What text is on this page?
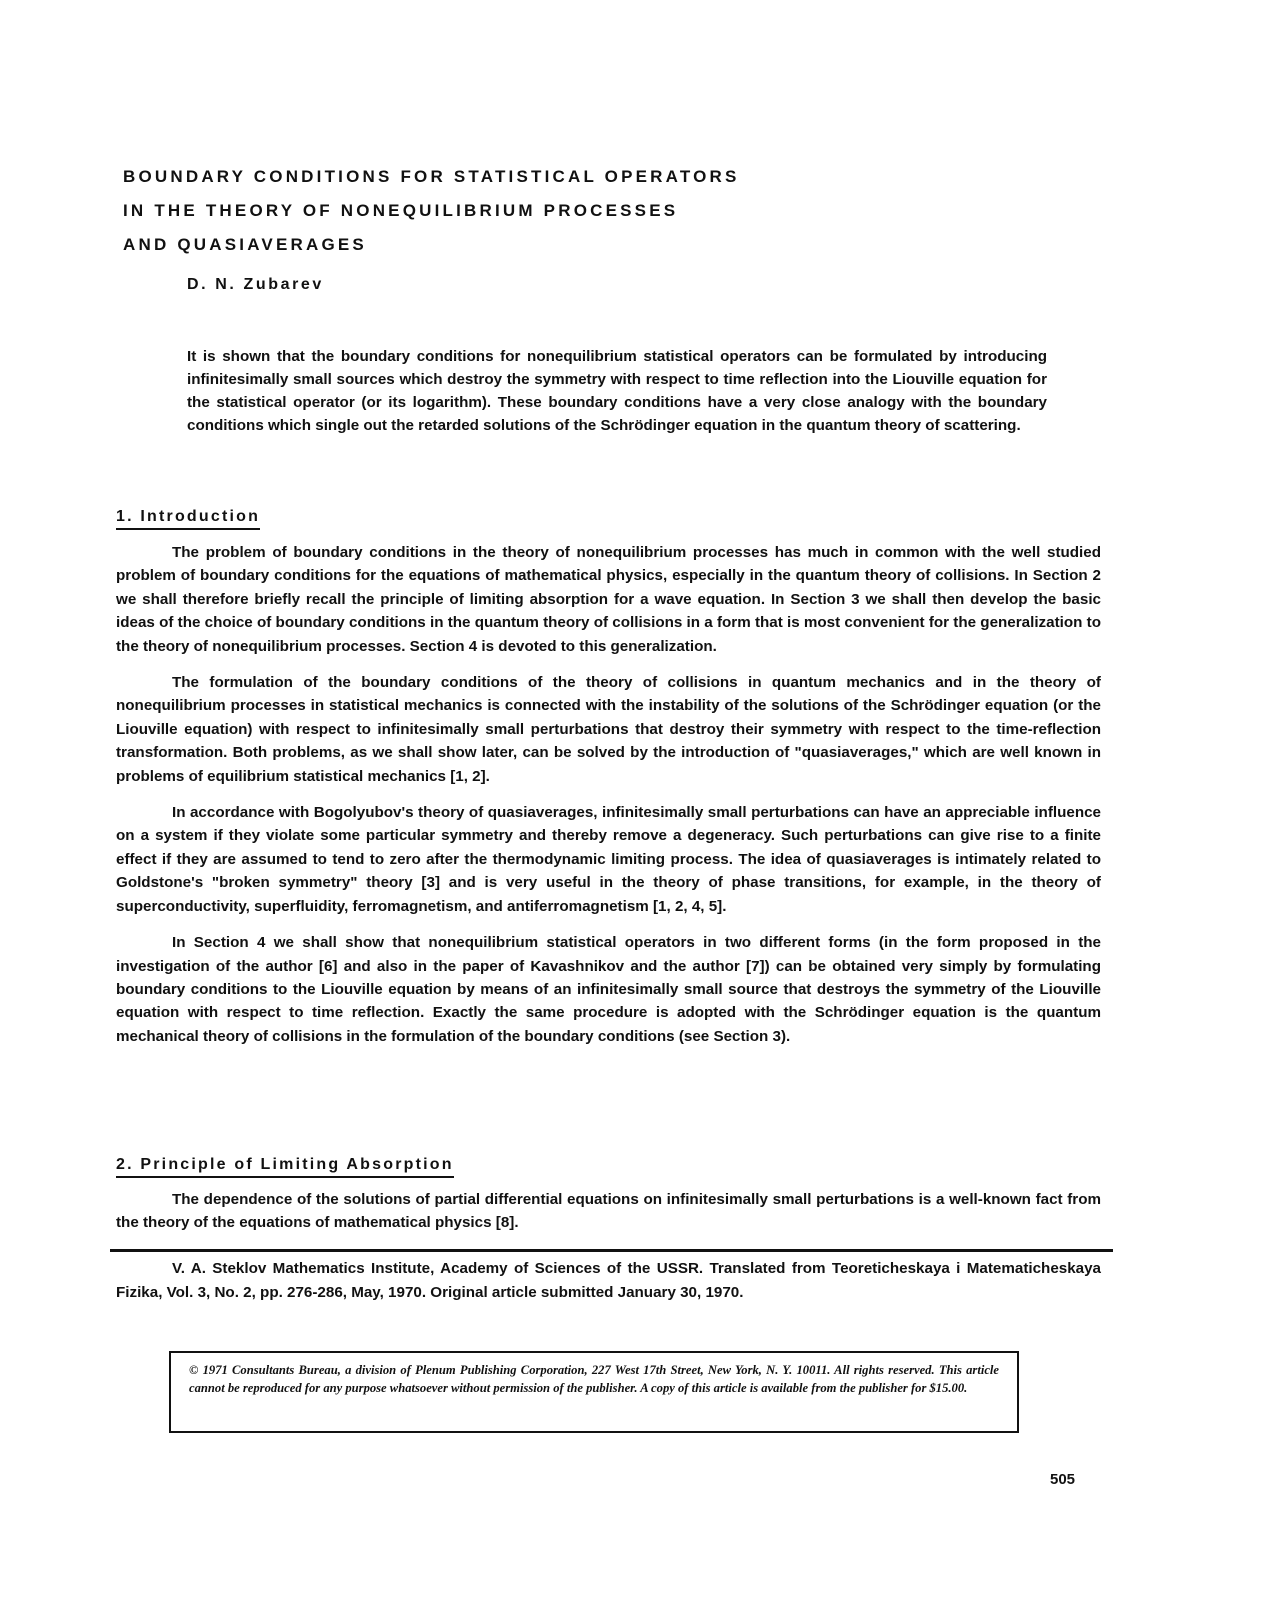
BOUNDARY CONDITIONS FOR STATISTICAL OPERATORS
IN THE THEORY OF NONEQUILIBRIUM PROCESSES
AND QUASIAVERAGES
D. N. Zubarev
It is shown that the boundary conditions for nonequilibrium statistical operators can be formulated by introducing infinitesimally small sources which destroy the symmetry with respect to time reflection into the Liouville equation for the statistical operator (or its logarithm). These boundary conditions have a very close analogy with the boundary conditions which single out the retarded solutions of the Schrödinger equation in the quantum theory of scattering.
1. Introduction

The problem of boundary conditions in the theory of nonequilibrium processes has much in common with the well studied problem of boundary conditions for the equations of mathematical physics, especially in the quantum theory of collisions. In Section 2 we shall therefore briefly recall the principle of limiting absorption for a wave equation. In Section 3 we shall then develop the basic ideas of the choice of boundary conditions in the quantum theory of collisions in a form that is most convenient for the generalization to the theory of nonequilibrium processes. Section 4 is devoted to this generalization.

The formulation of the boundary conditions of the theory of collisions in quantum mechanics and in the theory of nonequilibrium processes in statistical mechanics is connected with the instability of the solutions of the Schrödinger equation (or the Liouville equation) with respect to infinitesimally small perturbations that destroy their symmetry with respect to the time-reflection transformation. Both problems, as we shall show later, can be solved by the introduction of "quasiaverages," which are well known in problems of equilibrium statistical mechanics [1, 2].

In accordance with Bogolyubov's theory of quasiaverages, infinitesimally small perturbations can have an appreciable influence on a system if they violate some particular symmetry and thereby remove a degeneracy. Such perturbations can give rise to a finite effect if they are assumed to tend to zero after the thermodynamic limiting process. The idea of quasiaverages is intimately related to Goldstone's "broken symmetry" theory [3] and is very useful in the theory of phase transitions, for example, in the theory of superconductivity, superfluidity, ferromagnetism, and antiferromagnetism [1, 2, 4, 5].

In Section 4 we shall show that nonequilibrium statistical operators in two different forms (in the form proposed in the investigation of the author [6] and also in the paper of Kavashnikov and the author [7]) can be obtained very simply by formulating boundary conditions to the Liouville equation by means of an infinitesimally small source that destroys the symmetry of the Liouville equation with respect to time reflection. Exactly the same procedure is adopted with the Schrödinger equation is the quantum mechanical theory of collisions in the formulation of the boundary conditions (see Section 3).

2. Principle of Limiting Absorption

The dependence of the solutions of partial differential equations on infinitesimally small perturbations is a well-known fact from the theory of the equations of mathematical physics [8].

V. A. Steklov Mathematics Institute, Academy of Sciences of the USSR. Translated from Teoreticheskaya i Matematicheskaya Fizika, Vol. 3, No. 2, pp. 276-286, May, 1970. Original article submitted January 30, 1970.
© 1971 Consultants Bureau, a division of Plenum Publishing Corporation, 227 West 17th Street, New York, N. Y. 10011. All rights reserved. This article cannot be reproduced for any purpose whatsoever without permission of the publisher. A copy of this article is available from the publisher for $15.00.
505
